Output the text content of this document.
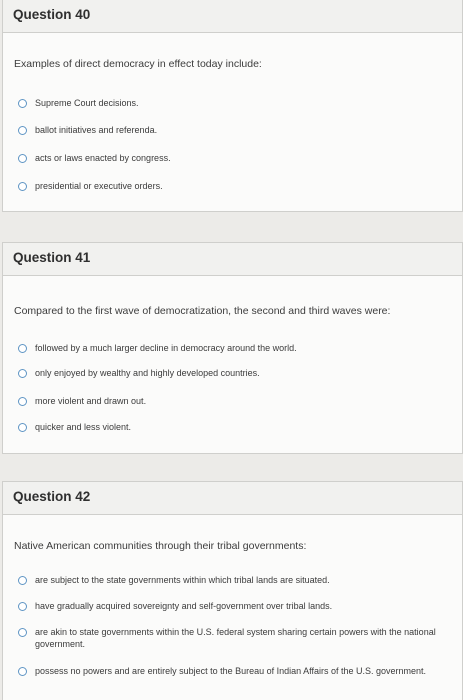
Question 40
Examples of direct democracy in effect today include:
Supreme Court decisions.
ballot initiatives and referenda.
acts or laws enacted by congress.
presidential or executive orders.
Question 41
Compared to the first wave of democratization, the second and third waves were:
followed by a much larger decline in democracy around the world.
only enjoyed by wealthy and highly developed countries.
more violent and drawn out.
quicker and less violent.
Question 42
Native American communities through their tribal governments:
are subject to the state governments within which tribal lands are situated.
have gradually acquired sovereignty and self-government over tribal lands.
are akin to state governments within the U.S. federal system sharing certain powers with the national government.
possess no powers and are entirely subject to the Bureau of Indian Affairs of the U.S. government.
